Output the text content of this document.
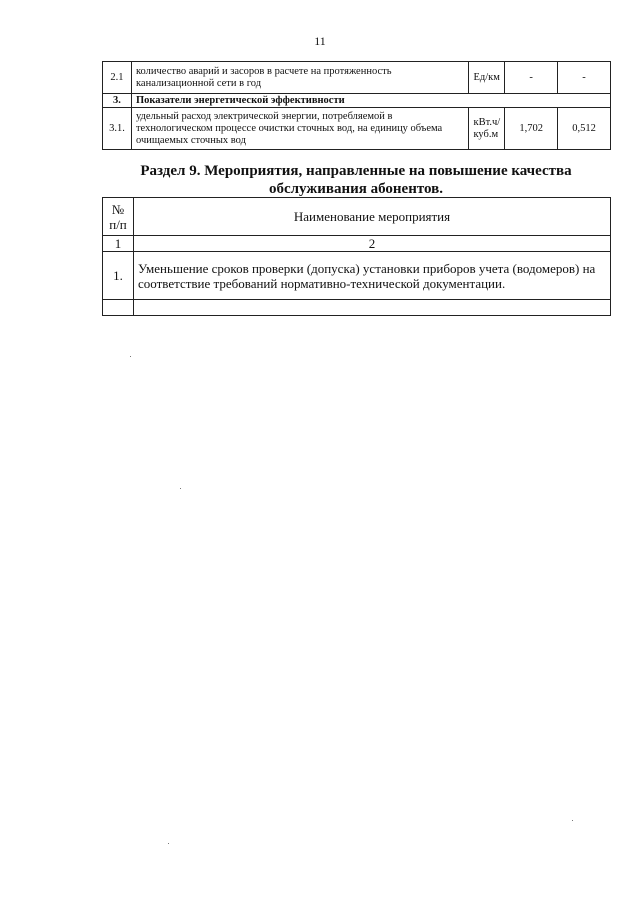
11
2.1	количество аварий и засоров в расчете на протяженность канализационной сети в год	Ед/км	-	-
3.	Показатели энергетической эффективности			
3.1.	удельный расход электрической энергии, потребляемой в технологическом процессе очистки сточных вод, на единицу объема очищаемых сточных вод	кВт.ч/куб.м	1,702	0,512
Раздел 9. Мероприятия, направленные на повышение качества обслуживания абонентов.
№ п/п	Наименование мероприятия
1	2
1.	Уменьшение сроков проверки (допуска) установки приборов учета (водомеров) на соответствие требований нормативно-технической документации.
